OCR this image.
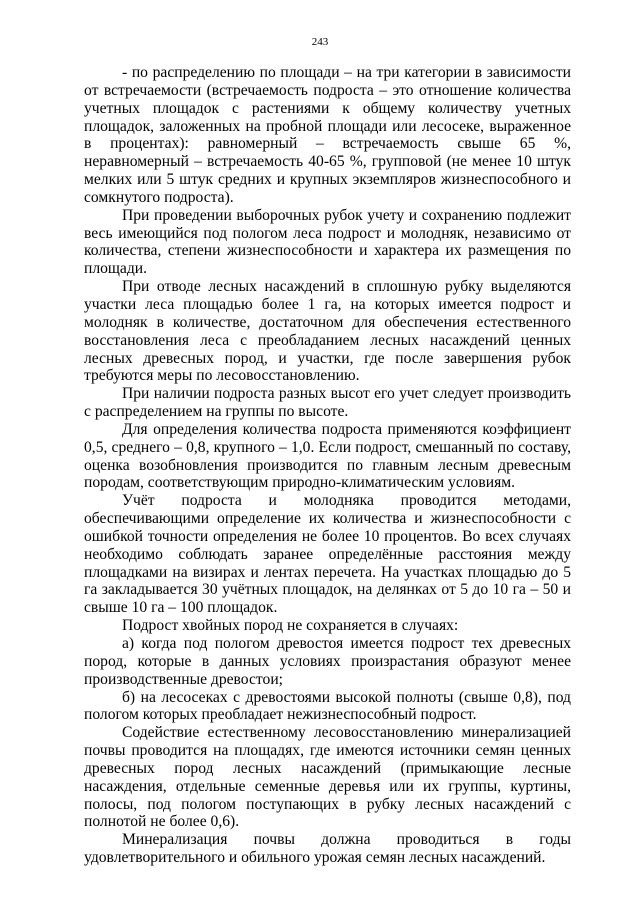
243

- по распределению по площади – на три категории в зависимости от встречаемости (встречаемость подроста – это отношение количества учетных площадок с растениями к общему количеству учетных площадок, заложенных на пробной площади или лесосеке, выраженное в процентах): равномерный – встречаемость свыше 65 %, неравномерный – встречаемость 40-65 %, групповой (не менее 10 штук мелких или 5 штук средних и крупных экземпляров жизнеспособного и сомкнутого подроста).

При проведении выборочных рубок учету и сохранению подлежит весь имеющийся под пологом леса подрост и молодняк, независимо от количества, степени жизнеспособности и характера их размещения по площади.

При отводе лесных насаждений в сплошную рубку выделяются участки леса площадью более 1 га, на которых имеется подрост и молодняк в количестве, достаточном для обеспечения естественного восстановления леса с преобладанием лесных насаждений ценных лесных древесных пород, и участки, где после завершения рубок требуются меры по лесовосстановлению.

При наличии подроста разных высот его учет следует производить с распределением на группы по высоте.

Для определения количества подроста применяются коэффициент 0,5, среднего – 0,8, крупного – 1,0. Если подрост, смешанный по составу, оценка возобновления производится по главным лесным древесным породам, соответствующим природно-климатическим условиям.

Учёт подроста и молодняка проводится методами, обеспечивающими определение их количества и жизнеспособности с ошибкой точности определения не более 10 процентов. Во всех случаях необходимо соблюдать заранее определённые расстояния между площадками на визирах и лентах перечета. На участках площадью до 5 га закладывается 30 учётных площадок, на делянках от 5 до 10 га – 50 и свыше 10 га – 100 площадок.

Подрост хвойных пород не сохраняется в случаях:

а) когда под пологом древостоя имеется подрост тех древесных пород, которые в данных условиях произрастания образуют менее производственные древостои;

б) на лесосеках с древостоями высокой полноты (свыше 0,8), под пологом которых преобладает нежизнеспособный подрост.

Содействие естественному лесовосстановлению минерализацией почвы проводится на площадях, где имеются источники семян ценных древесных пород лесных насаждений (примыкающие лесные насаждения, отдельные семенные деревья или их группы, куртины, полосы, под пологом поступающих в рубку лесных насаждений с полнотой не более 0,6).

Минерализация почвы должна проводиться в годы удовлетворительного и обильного урожая семян лесных насаждений.
